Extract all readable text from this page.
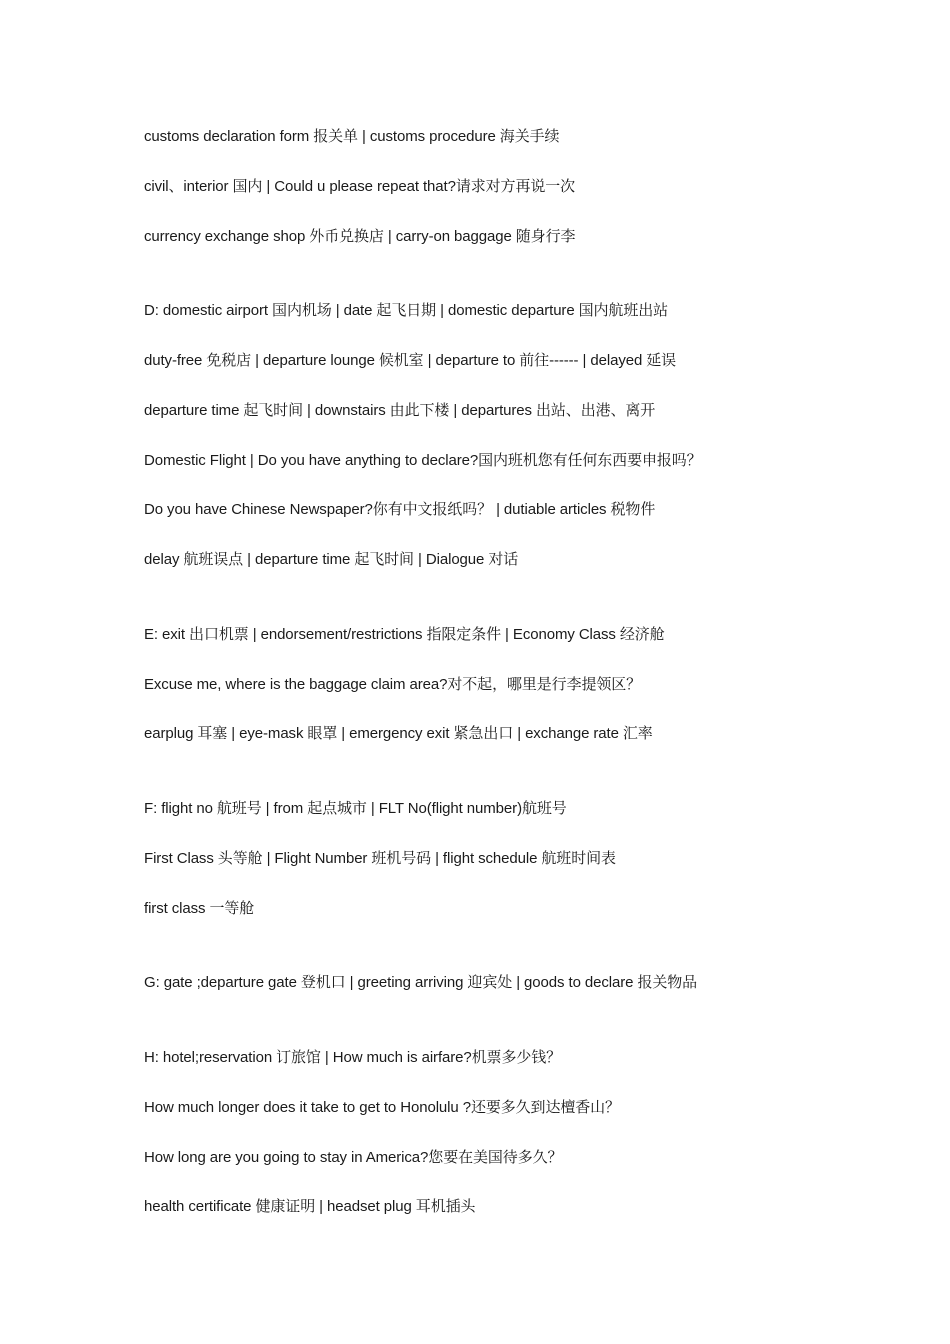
customs declaration form 报关单 | customs procedure 海关手续
civil、interior 国内 | Could u please repeat that?请求对方再说一次
currency exchange shop 外币兑换店 | carry-on baggage 随身行李
D: domestic airport 国内机场 | date 起飞日期 | domestic departure 国内航班出站
duty-free 免税店 | departure lounge 候机室 | departure to 前往------ | delayed 延误
departure time 起飞时间 | downstairs 由此下楼 | departures 出站、出港、离开
Domestic Flight | Do you have anything to declare?国内班机您有任何东西要申报吗？
Do you have Chinese Newspaper?你有中文报纸吗？ | dutiable articles 税物件
delay 航班误点 | departure time 起飞时间 | Dialogue 对话
E: exit 出口机票 | endorsement/restrictions 指限定条件 | Economy Class 经济舱
Excuse me, where is the baggage claim area?对不起，哪里是行李提领区？
earplug 耳塞 | eye-mask 眼罩 | emergency exit 紧急出口 | exchange rate 汇率
F: flight no 航班号 | from 起点城市 | FLT No(flight number)航班号
First Class 头等舱 | Flight Number 班机号码 | flight schedule 航班时间表
first class 一等舱
G: gate ;departure gate 登机口 | greeting arriving 迎宾处 | goods to declare 报关物品
H: hotel;reservation 订旅馆 | How much is airfare?机票多少钱？
How much longer does it take to get to Honolulu ?还要多久到达檀香山？
How long are you going to stay in America?您要在美国待多久？
health certificate 健康证明 | headset plug 耳机插头
